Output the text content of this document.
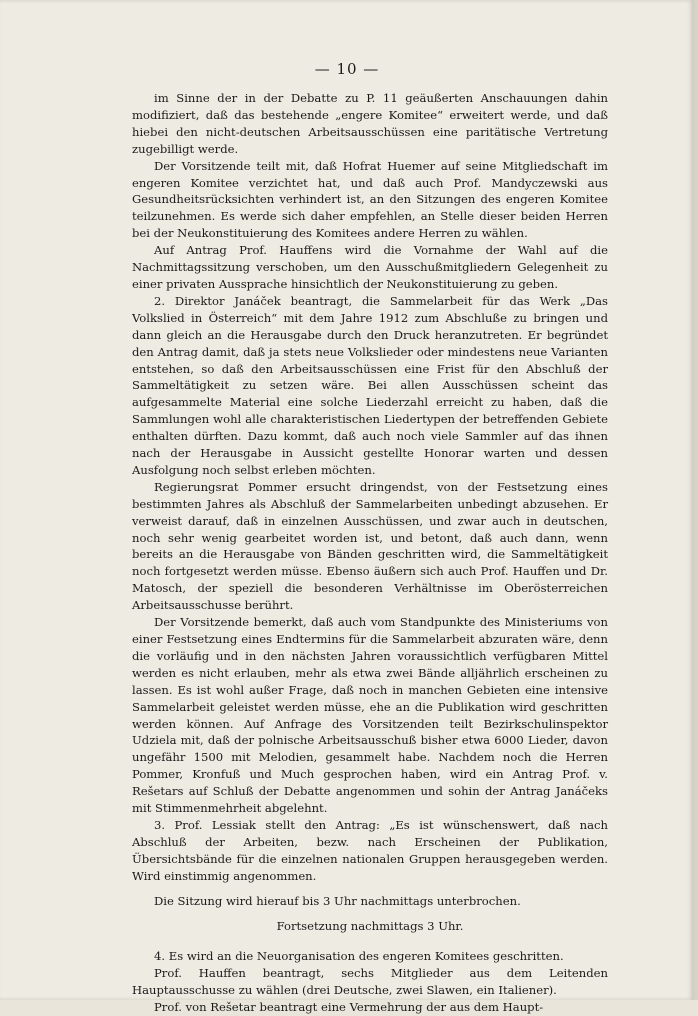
— 10 —

im Sinne der in der Debatte zu P. 11 geäußerten Anschauungen dahin modifiziert, daß das bestehende „engere Komitee“ erweitert werde, und daß hiebei den nicht-deutschen Arbeitsausschüssen eine paritätische Vertretung zugebilligt werde.

Der Vorsitzende teilt mit, daß Hofrat Huemer auf seine Mitgliedschaft im engeren Komitee verzichtet hat, und daß auch Prof. Mandyczewski aus Gesundheitsrücksichten verhindert ist, an den Sitzungen des engeren Komitee teilzunehmen. Es werde sich daher empfehlen, an Stelle dieser beiden Herren bei der Neukonstituierung des Komitees andere Herren zu wählen.

Auf Antrag Prof. Hauffens wird die Vornahme der Wahl auf die Nachmittagssitzung verschoben, um den Ausschußmitgliedern Gelegenheit zu einer privaten Aussprache hinsichtlich der Neukonstituierung zu geben.

2. Direktor Janáček beantragt, die Sammelarbeit für das Werk „Das Volkslied in Österreich“ mit dem Jahre 1912 zum Abschluße zu bringen und dann gleich an die Herausgabe durch den Druck heranzutreten. Er begründet den Antrag damit, daß ja stets neue Volkslieder oder mindestens neue Varianten entstehen, so daß den Arbeitsausschüssen eine Frist für den Abschluß der Sammeltätigkeit zu setzen wäre. Bei allen Ausschüssen scheint das aufgesammelte Material eine solche Liederzahl erreicht zu haben, daß die Sammlungen wohl alle charakteristischen Liedertypen der betreffenden Gebiete enthalten dürften. Dazu kommt, daß auch noch viele Sammler auf das ihnen nach der Herausgabe in Aussicht gestellte Honorar warten und dessen Ausfolgung noch selbst erleben möchten.

Regierungsrat Pommer ersucht dringendst, von der Festsetzung eines bestimmten Jahres als Abschluß der Sammelarbeiten unbedingt abzusehen. Er verweist darauf, daß in einzelnen Ausschüssen, und zwar auch in deutschen, noch sehr wenig gearbeitet worden ist, und betont, daß auch dann, wenn bereits an die Herausgabe von Bänden geschritten wird, die Sammeltätigkeit noch fortgesetzt werden müsse. Ebenso äußern sich auch Prof. Hauffen und Dr. Matosch, der speziell die besonderen Verhältnisse im Oberösterreichen Arbeitsausschusse berührt.

Der Vorsitzende bemerkt, daß auch vom Standpunkte des Ministeriums von einer Festsetzung eines Endtermins für die Sammelarbeit abzuraten wäre, denn die vorläufig und in den nächsten Jahren voraussichtlich verfügbaren Mittel werden es nicht erlauben, mehr als etwa zwei Bände alljährlich erscheinen zu lassen. Es ist wohl außer Frage, daß noch in manchen Gebieten eine intensive Sammelarbeit geleistet werden müsse, ehe an die Publikation wird geschritten werden können. Auf Anfrage des Vorsitzenden teilt Bezirkschulinspektor Udziela mit, daß der polnische Arbeitsausschuß bisher etwa 6000 Lieder, davon ungefähr 1500 mit Melodien, gesammelt habe. Nachdem noch die Herren Pommer, Kronfuß und Much gesprochen haben, wird ein Antrag Prof. v. Rešetars auf Schluß der Debatte angenommen und sohin der Antrag Janáčeks mit Stimmenmehrheit abgelehnt.

3. Prof. Lessiak stellt den Antrag: „Es ist wünschenswert, daß nach Abschluß der Arbeiten, bezw. nach Erscheinen der Publikation, Übersichtsbände für die einzelnen nationalen Gruppen herausgegeben werden. Wird einstimmig angenommen.

Die Sitzung wird hierauf bis 3 Uhr nachmittags unterbrochen.

Fortsetzung nachmittags 3 Uhr.

4. Es wird an die Neuorganisation des engeren Komitees geschritten.

Prof. Hauffen beantragt, sechs Mitglieder aus dem Leitenden Hauptausschusse zu wählen (drei Deutsche, zwei Slawen, ein Italiener).

Prof. von Rešetar beantragt eine Vermehrung der aus dem Haupt-
